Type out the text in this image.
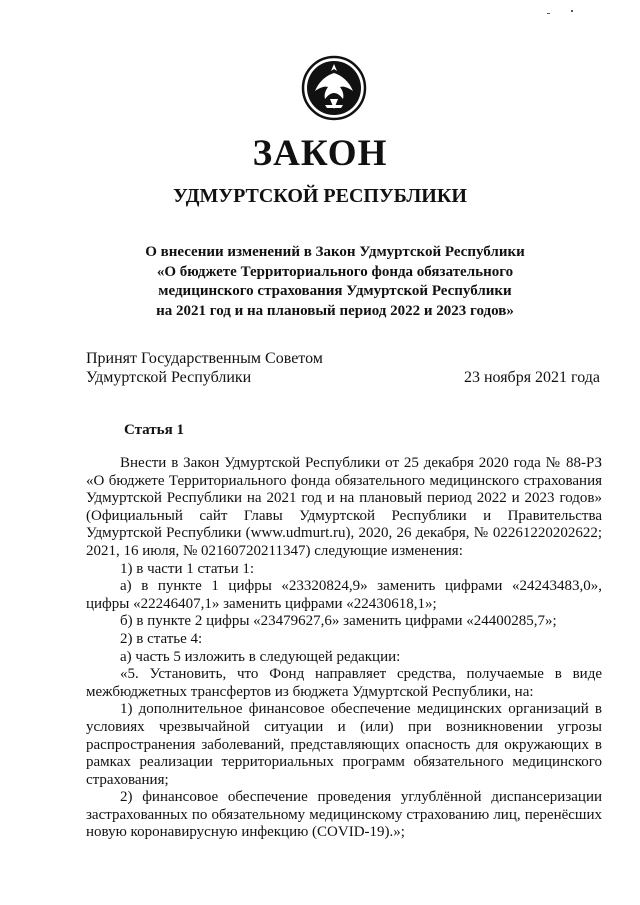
ЗАКОН
УДМУРТСКОЙ РЕСПУБЛИКИ
О внесении изменений в Закон Удмуртской Республики
«О бюджете Территориального фонда обязательного
медицинского страхования Удмуртской Республики
на 2021 год и на плановый период 2022 и 2023 годов»
Принят Государственным Советом
Удмуртской Республики	23 ноября 2021 года
Статья 1

Внести в Закон Удмуртской Республики от 25 декабря 2020 года № 88-РЗ «О бюджете Территориального фонда обязательного медицинского страхования Удмуртской Республики на 2021 год и на плановый период 2022 и 2023 годов» (Официальный сайт Главы Удмуртской Республики и Правительства Удмуртской Республики (www.udmurt.ru), 2020, 26 декабря, № 02261220202622; 2021, 16 июля, № 02160720211347) следующие изменения:

1) в части 1 статьи 1:

а) в пункте 1 цифры «23320824,9» заменить цифрами «24243483,0», цифры «22246407,1» заменить цифрами «22430618,1»;

б) в пункте 2 цифры «23479627,6» заменить цифрами «24400285,7»;

2) в статье 4:

а) часть 5 изложить в следующей редакции:

«5. Установить, что Фонд направляет средства, получаемые в виде межбюджетных трансфертов из бюджета Удмуртской Республики, на:

1) дополнительное финансовое обеспечение медицинских организаций в условиях чрезвычайной ситуации и (или) при возникновении угрозы распространения заболеваний, представляющих опасность для окружающих в рамках реализации территориальных программ обязательного медицинского страхования;

2) финансовое обеспечение проведения углублённой диспансеризации застрахованных по обязательному медицинскому страхованию лиц, перенёсших новую коронавирусную инфекцию (COVID-19).»;
